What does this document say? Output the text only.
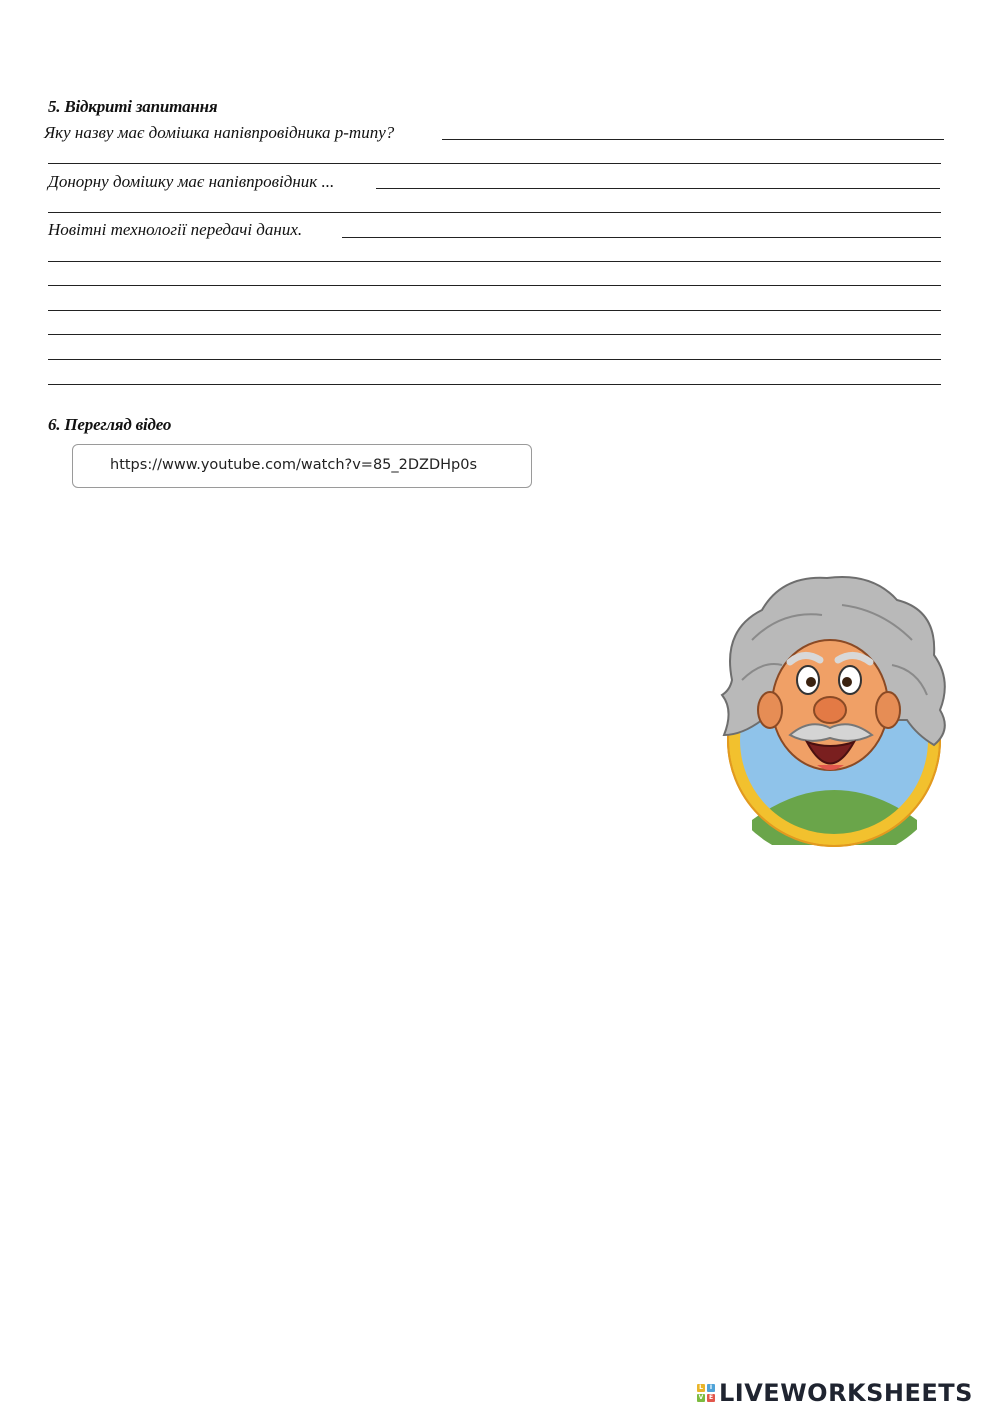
5. Відкриті запитання
Яку назву має домішка напівпровідника p-типу?
Донорну домішку має напівпровідник ...
Новітні технології передачі даних.
6. Перегляд відео
https://www.youtube.com/watch?v=85_2DZDHp0s
L	I
V E LIVEWORKSHEETS
